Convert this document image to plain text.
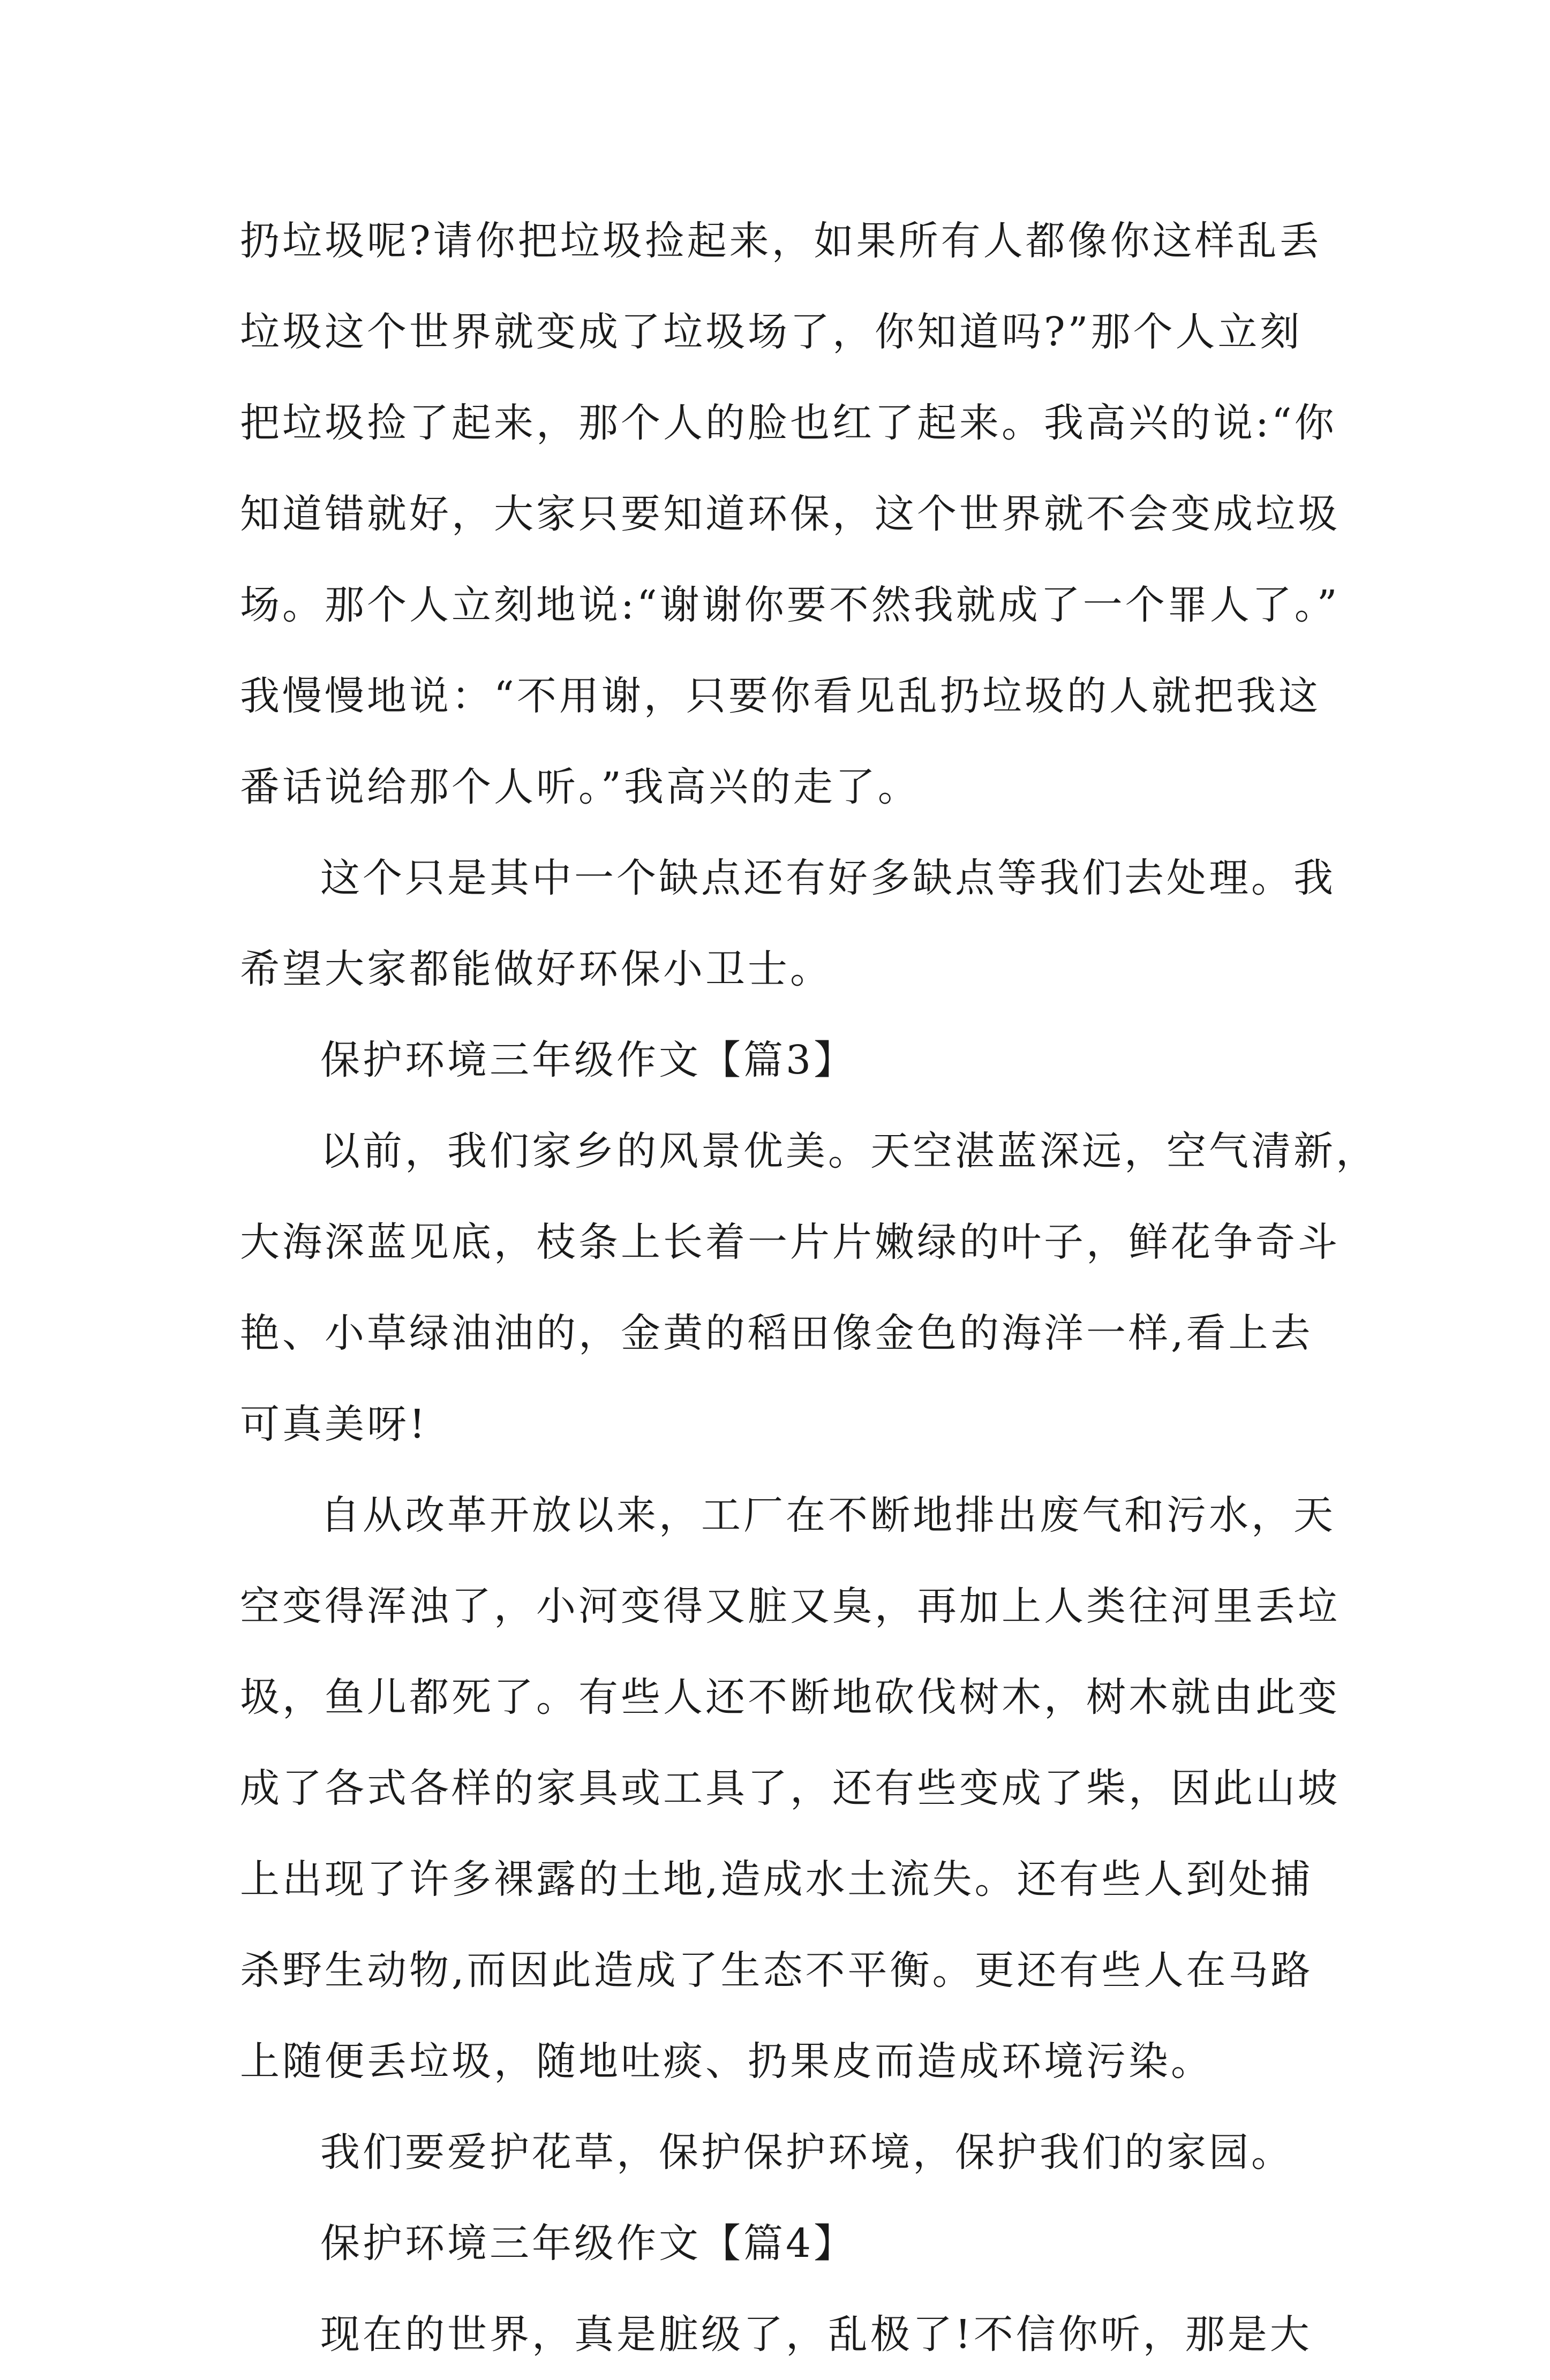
扔垃圾呢?请你把垃圾捡起来，如果所有人都像你这样乱丢
垃圾这个世界就变成了垃圾场了，你知道吗?”那个人立刻
把垃圾捡了起来，那个人的脸也红了起来。我高兴的说:“你
知道错就好，大家只要知道环保，这个世界就不会变成垃圾
场。那个人立刻地说:“谢谢你要不然我就成了一个罪人了。”
我慢慢地说：“不用谢，只要你看见乱扔垃圾的人就把我这
番话说给那个人听。”我高兴的走了。
这个只是其中一个缺点还有好多缺点等我们去处理。我
希望大家都能做好环保小卫士。
保护环境三年级作文【篇3】
以前，我们家乡的风景优美。天空湛蓝深远，空气清新，
大海深蓝见底，枝条上长着一片片嫩绿的叶子，鲜花争奇斗
艳、小草绿油油的，金黄的稻田像金色的海洋一样,看上去
可真美呀!
自从改革开放以来，工厂在不断地排出废气和污水，天
空变得浑浊了，小河变得又脏又臭，再加上人类往河里丢垃
圾，鱼儿都死了。有些人还不断地砍伐树木，树木就由此变
成了各式各样的家具或工具了，还有些变成了柴，因此山坡
上出现了许多裸露的土地,造成水土流失。还有些人到处捕
杀野生动物,而因此造成了生态不平衡。更还有些人在马路
上随便丢垃圾，随地吐痰、扔果皮而造成环境污染。
我们要爱护花草，保护保护环境，保护我们的家园。
保护环境三年级作文【篇4】
现在的世界，真是脏级了，乱极了!不信你听，那是大
